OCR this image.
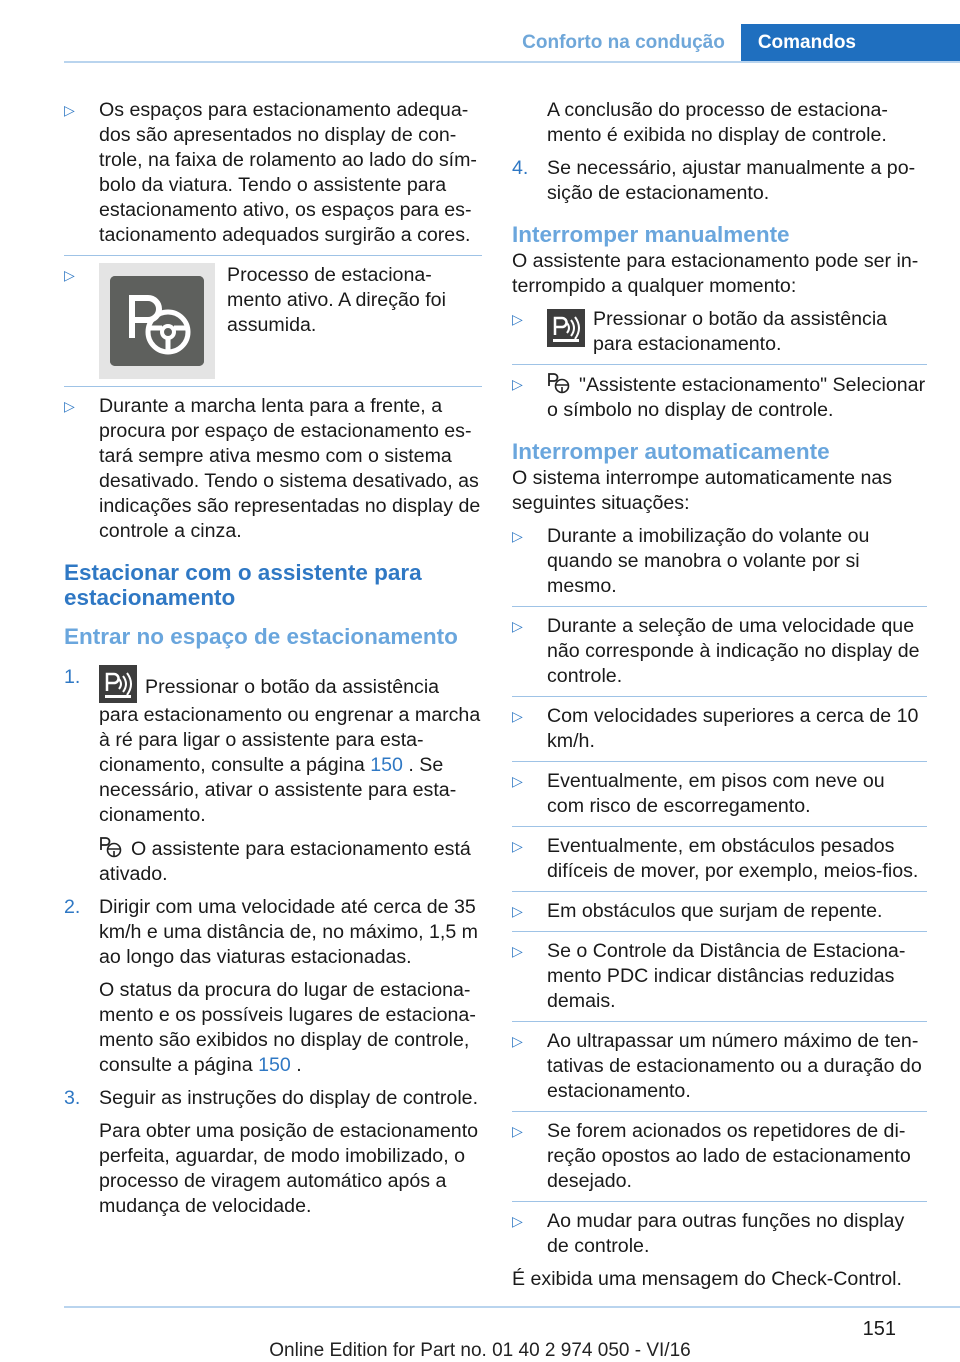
Conforto na condução	Comandos
▷	Os espaços para estacionamento adequados são apresentados no display de controle, na faixa de rolamento ao lado do símbolo da viatura. Tendo o assistente para estacionamento ativo, os espaços para estacionamento adequados surgirão a cores.
▷	Processo de estacionamento ativo. A direção foi assumida.
▷	Durante a marcha lenta para a frente, a procura por espaço de estacionamento estará sempre ativa mesmo com o sistema desativado. Tendo o sistema desativado, as indicações são representadas no display de controle a cinza.
Estacionar com o assistente para estacionamento
Entrar no espaço de estacionamento
1.	Pressionar o botão da assistência para estacionamento ou engrenar a marcha à ré para ligar o assistente para estacionamento, consulte a página 150 . Se necessário, ativar o assistente para estacionamento.

O assistente para estacionamento está ativado.

2. Dirigir com uma velocidade até cerca de 35 km/h e uma distância de, no máximo, 1,5 m ao longo das viaturas estacionadas.

O status da procura do lugar de estacionamento e os possíveis lugares de estacionamento são exibidos no display de controle, consulte a página 150 .

3. Seguir as instruções do display de controle.

Para obter uma posição de estacionamento perfeita, aguardar, de modo imobilizado, o processo de viragem automático após a mudança de velocidade.

A conclusão do processo de estacionamento é exibida no display de controle.

4. Se necessário, ajustar manualmente a posição de estacionamento.

Interromper manualmente

O assistente para estacionamento pode ser interrompido a qualquer momento:

▷	Pressionar o botão da assistência para estacionamento.
▷	"Assistente estacionamento" Selecionar o símbolo no display de controle.
Interromper automaticamente

O sistema interrompe automaticamente nas seguintes situações:

▷	Durante a imobilização do volante ou quando se manobra o volante por si mesmo.
▷	Durante a seleção de uma velocidade que não corresponde à indicação no display de controle.
▷	Com velocidades superiores a cerca de 10 km/h.
▷	Eventualmente, em pisos com neve ou com risco de escorregamento.
▷	Eventualmente, em obstáculos pesados difíceis de mover, por exemplo, meios-fios.
▷	Em obstáculos que surjam de repente.
▷	Se o Controle da Distância de Estacionamento PDC indicar distâncias reduzidas demais.
▷	Ao ultrapassar um número máximo de tentativas de estacionamento ou a duração do estacionamento.
▷	Se forem acionados os repetidores de direção opostos ao lado de estacionamento desejado.
▷	Ao mudar para outras funções no display de controle.

É exibida uma mensagem do Check-Control.

151
Online Edition for Part no. 01 40 2 974 050 - VI/16
